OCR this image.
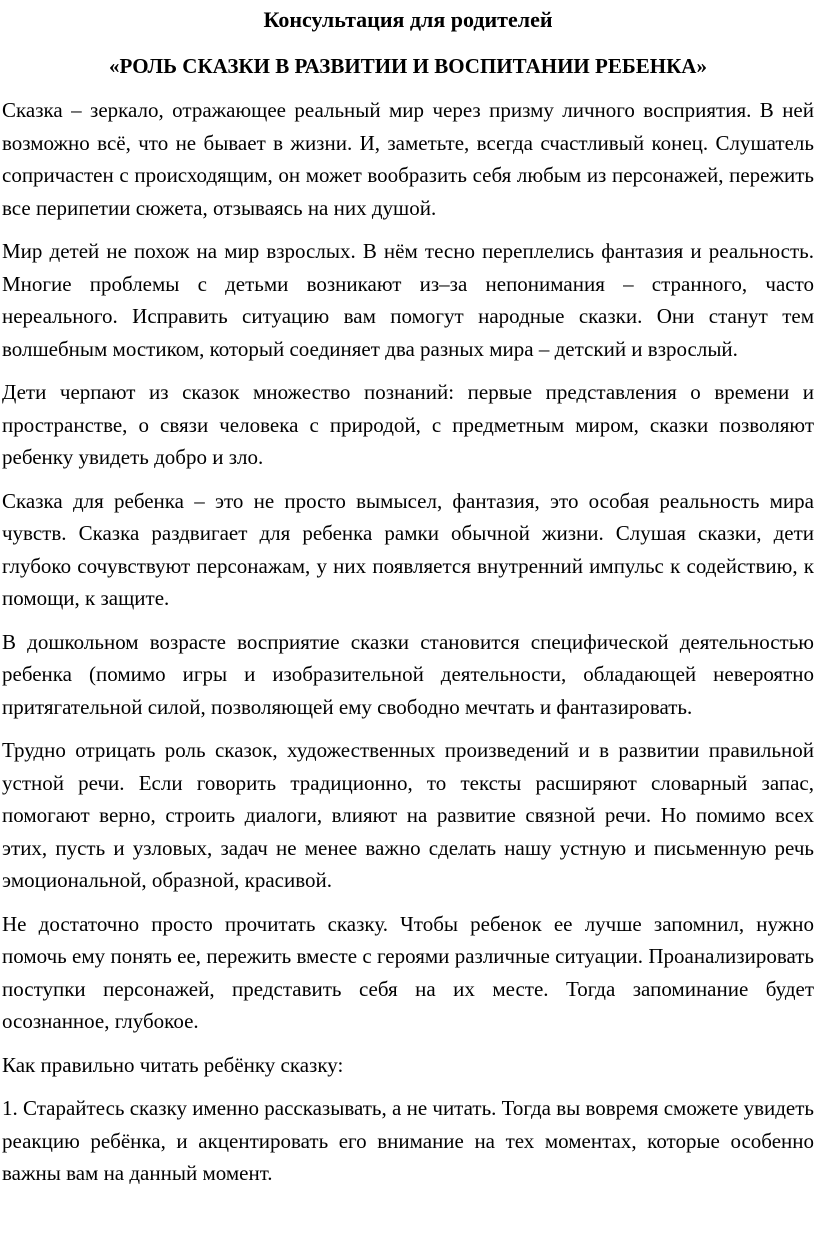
Консультация для родителей
«РОЛЬ СКАЗКИ В РАЗВИТИИ И ВОСПИТАНИИ РЕБЕНКА»

Сказка – зеркало, отражающее реальный мир через призму личного восприятия. В ней возможно всё, что не бывает в жизни. И, заметьте, всегда счастливый конец. Слушатель сопричастен с происходящим, он может вообразить себя любым из персонажей, пережить все перипетии сюжета, отзываясь на них душой.

Мир детей не похож на мир взрослых. В нём тесно переплелись фантазия и реальность. Многие проблемы с детьми возникают из–за непонимания – странного, часто нереального. Исправить ситуацию вам помогут народные сказки. Они станут тем волшебным мостиком, который соединяет два разных мира – детский и взрослый.

Дети черпают из сказок множество познаний: первые представления о времени и пространстве, о связи человека с природой, с предметным миром, сказки позволяют ребенку увидеть добро и зло.

Сказка для ребенка – это не просто вымысел, фантазия, это особая реальность мира чувств. Сказка раздвигает для ребенка рамки обычной жизни. Слушая сказки, дети глубоко сочувствуют персонажам, у них появляется внутренний импульс к содействию, к помощи, к защите.

В дошкольном возрасте восприятие сказки становится специфической деятельностью ребенка (помимо игры и изобразительной деятельности, обладающей невероятно притягательной силой, позволяющей ему свободно мечтать и фантазировать.

Трудно отрицать роль сказок, художественных произведений и в развитии правильной устной речи. Если говорить традиционно, то тексты расширяют словарный запас, помогают верно, строить диалоги, влияют на развитие связной речи. Но помимо всех этих, пусть и узловых, задач не менее важно сделать нашу устную и письменную речь эмоциональной, образной, красивой.

Не достаточно просто прочитать сказку. Чтобы ребенок ее лучше запомнил, нужно помочь ему понять ее, пережить вместе с героями различные ситуации. Проанализировать поступки персонажей, представить себя на их месте. Тогда запоминание будет осознанное, глубокое.

Как правильно читать ребёнку сказку:

1. Старайтесь сказку именно рассказывать, а не читать. Тогда вы вовремя сможете увидеть реакцию ребёнка, и акцентировать его внимание на тех моментах, которые особенно важны вам на данный момент.
